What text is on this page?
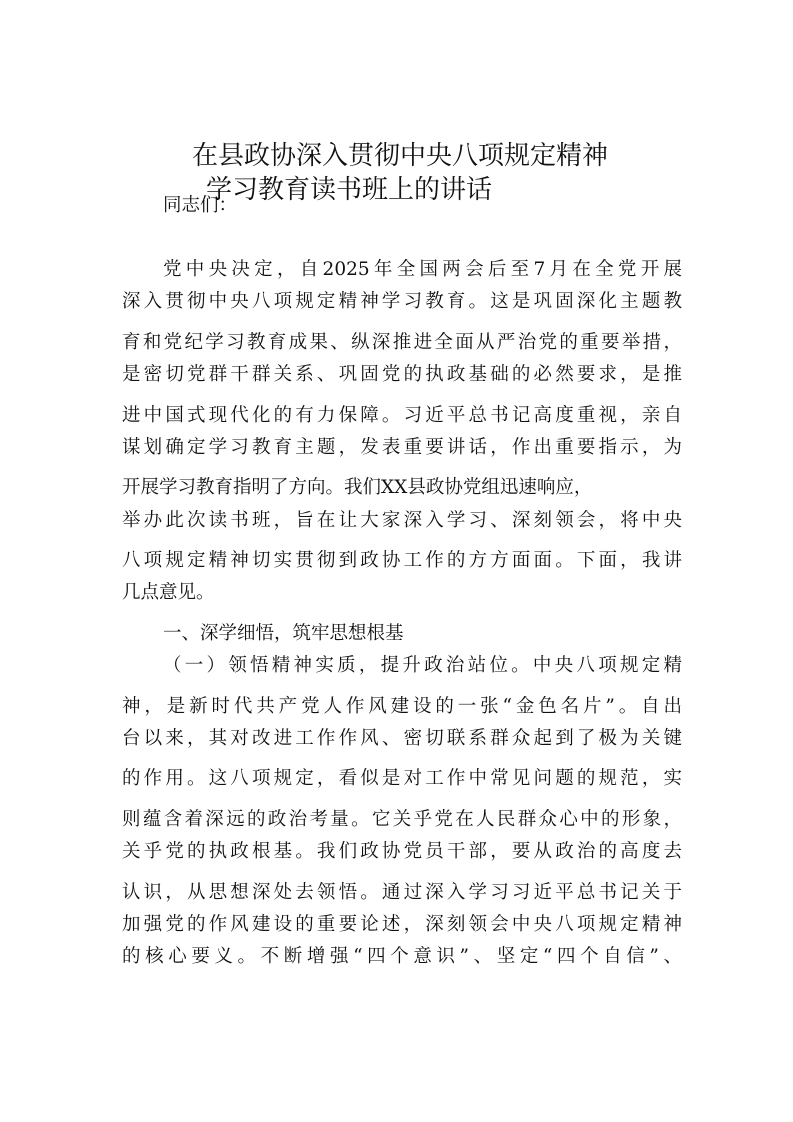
在县政协深入贯彻中央八项规定精神
学习教育读书班上的讲话

同志们：

党中央决定，自2025年全国两会后至7月在全党开展

深入贯彻中央八项规定精神学习教育。这是巩固深化主题教

育和党纪学习教育成果、纵深推进全面从严治党的重要举措，

是密切党群干群关系、巩固党的执政基础的必然要求，是推

进中国式现代化的有力保障。习近平总书记高度重视，亲自

谋划确定学习教育主题，发表重要讲话，作出重要指示，为

开展学习教育指明了方向。我们XX县政协党组迅速响应，

举办此次读书班，旨在让大家深入学习、深刻领会，将中央

八项规定精神切实贯彻到政协工作的方方面面。下面，我讲

几点意见。

一、深学细悟，筑牢思想根基

（一）领悟精神实质，提升政治站位。中央八项规定精

神，是新时代共产党人作风建设的一张“金色名片”。自出

台以来，其对改进工作作风、密切联系群众起到了极为关键

的作用。这八项规定，看似是对工作中常见问题的规范，实

则蕴含着深远的政治考量。它关乎党在人民群众心中的形象，

关乎党的执政根基。我们政协党员干部，要从政治的高度去

认识，从思想深处去领悟。通过深入学习习近平总书记关于

加强党的作风建设的重要论述，深刻领会中央八项规定精神

的核心要义。不断增强“四个意识”、坚定“四个自信”、
